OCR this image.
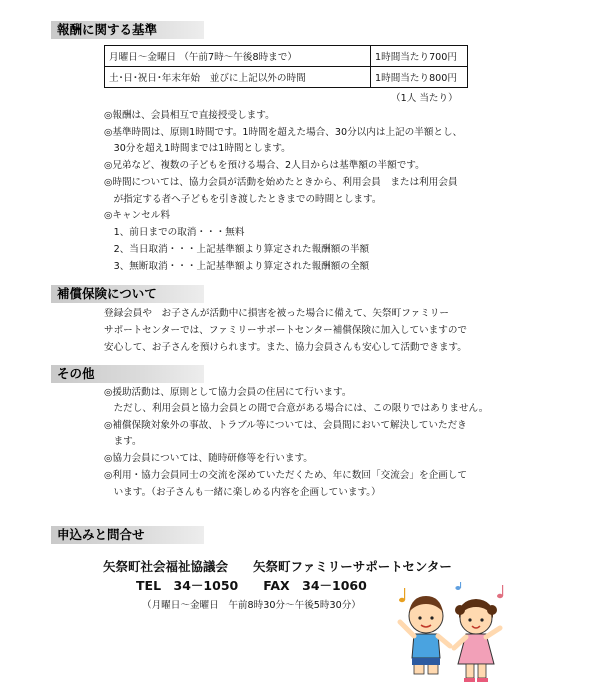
報酬に関する基準
月曜日～金曜日 （午前7時～午後8時まで）	1時間当たり700円
土･日･祝日･年末年始　並びに上記以外の時間	1時間当たり800円
（1人 当たり）
◎報酬は、会員相互で直接授受します。
◎基準時間は、原則1時間です。1時間を超えた場合、30分以内は上記の半額とし、
　30分を超え1時間までは1時間とします。
◎兄弟など、複数の子どもを預ける場合、2人目からは基準額の半額です。
◎時間については、協力会員が活動を始めたときから、利用会員　または利用会員
　が指定する者へ子どもを引き渡したときまでの時間とします。
◎キャンセル料
　1、前日までの取消・・・無料
　2、当日取消・・・上記基準額より算定された報酬額の半額
　3、無断取消・・・上記基準額より算定された報酬額の全額
補償保険について
登録会員や　お子さんが活動中に損害を被った場合に備えて、矢祭町ファミリー
サポートセンターでは、ファミリーサポートセンター補償保険に加入していますので
安心して、お子さんを預けられます。また、協力会員さんも安心して活動できます。
その他
◎援助活動は、原則として協力会員の住居にて行います。
　ただし、利用会員と協力会員との間で合意がある場合には、この限りではありません。
◎補償保険対象外の事故、トラブル等については、会員間において解決していただき
　ます。
◎協力会員については、随時研修等を行います。
◎利用・協力会員同士の交流を深めていただくため、年に数回「交流会」を企画して
　います。（お子さんも一緒に楽しめる内容を企画しています。）
申込みと問合せ
矢祭町社会福祉協議会　　矢祭町ファミリーサポートセンター
TEL　34－1050　　FAX　34－1060
（月曜日～金曜日　午前8時30分～午後5時30分）
